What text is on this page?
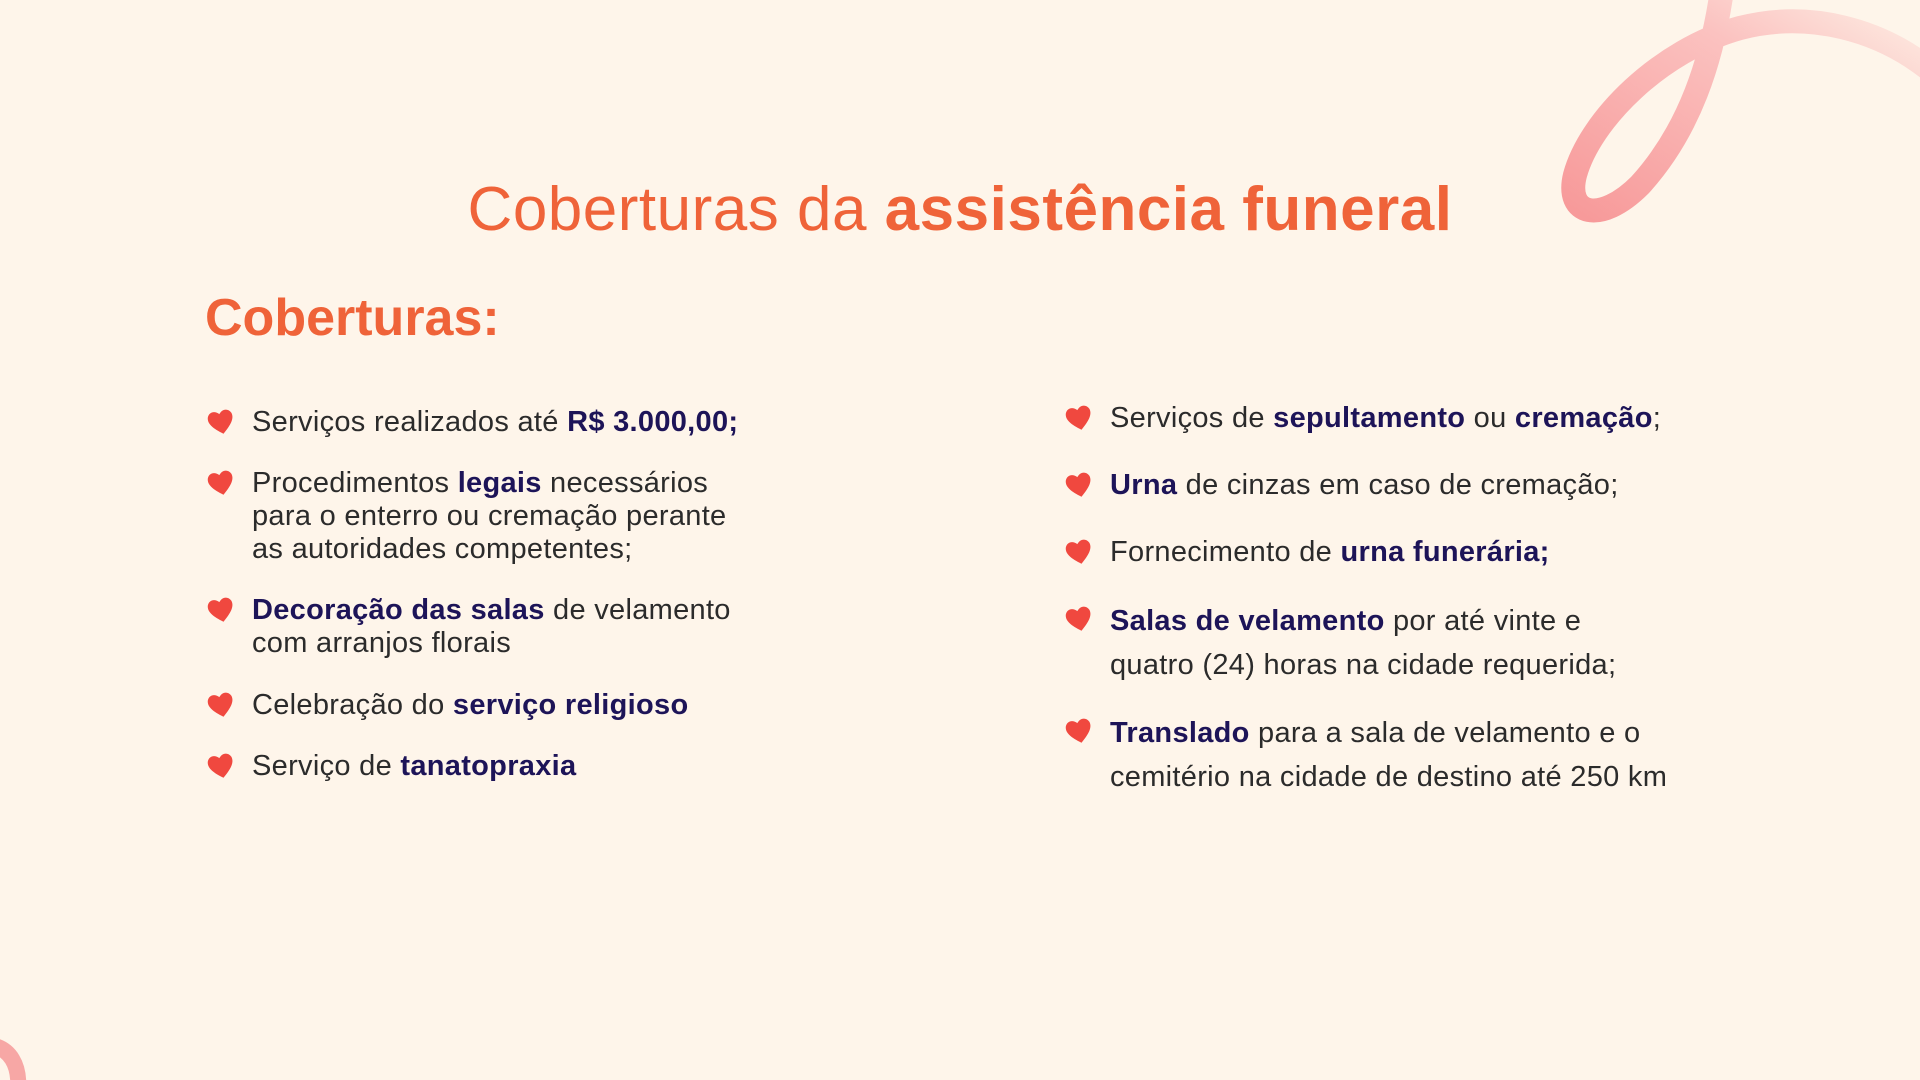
Coberturas da assistência funeral
Coberturas:
Serviços realizados até R$ 3.000,00;
Procedimentos legais necessários
para o enterro ou cremação perante
as autoridades competentes;
Decoração das salas de velamento
com arranjos florais
Celebração do serviço religioso
Serviço de tanatopraxia
Serviços de sepultamento ou cremação;
Urna de cinzas em caso de cremação;
Fornecimento de urna funerária;
Salas de velamento por até vinte e
quatro (24) horas na cidade requerida;
Translado para a sala de velamento e o
cemitério na cidade de destino até 250 km
